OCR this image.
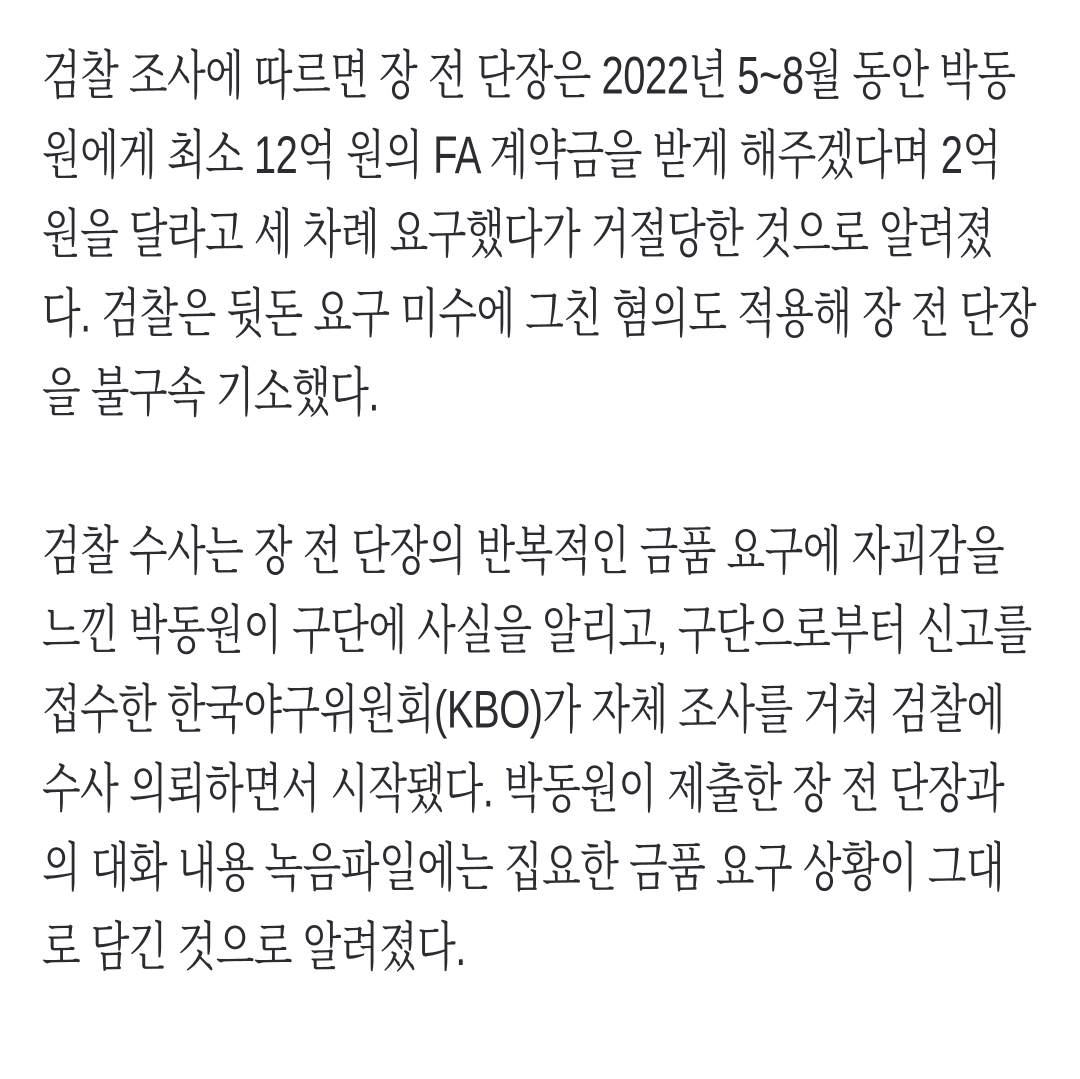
검찰 조사에 따르면 장 전 단장은 2022년 5~8월 동안 박동원에게 최소 12억 원의 FA 계약금을 받게 해주겠다며 2억 원을 달라고 세 차례 요구했다가 거절당한 것으로 알려졌다. 검찰은 뒷돈 요구 미수에 그친 혐의도 적용해 장 전 단장을 불구속 기소했다.

검찰 수사는 장 전 단장의 반복적인 금품 요구에 자괴감을 느낀 박동원이 구단에 사실을 알리고, 구단으로부터 신고를 접수한 한국야구위원회(KBO)가 자체 조사를 거쳐 검찰에 수사 의뢰하면서 시작됐다. 박동원이 제출한 장 전 단장과의 대화 내용 녹음파일에는 집요한 금품 요구 상황이 그대로 담긴 것으로 알려졌다.
